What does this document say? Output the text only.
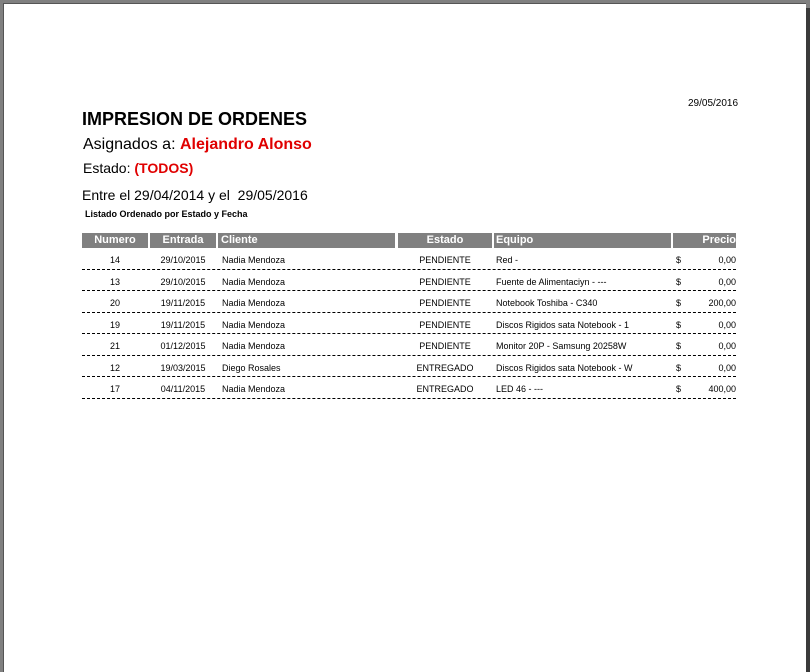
29/05/2016
IMPRESION DE ORDENES
Asignados a: Alejandro Alonso
Estado: (TODOS)
Entre el 29/04/2014 y el  29/05/2016
Listado Ordenado por Estado y Fecha
Numero	Entrada	Cliente	Estado	Equipo	Precio
14	29/10/2015	Nadia Mendoza	PENDIENTE	Red -	$	0,00
13	29/10/2015	Nadia Mendoza	PENDIENTE	Fuente de Alimentaciyn - ---	$	0,00
20	19/11/2015	Nadia Mendoza	PENDIENTE	Notebook Toshiba - C340	$	200,00
19	19/11/2015	Nadia Mendoza	PENDIENTE	Discos Rigidos sata Notebook - 1	$	0,00
21	01/12/2015	Nadia Mendoza	PENDIENTE	Monitor 20P - Samsung 20258W	$	0,00
12	19/03/2015	Diego Rosales	ENTREGADO	Discos Rigidos sata Notebook - W	$	0,00
17	04/11/2015	Nadia Mendoza	ENTREGADO	LED 46 - ---	$	400,00
